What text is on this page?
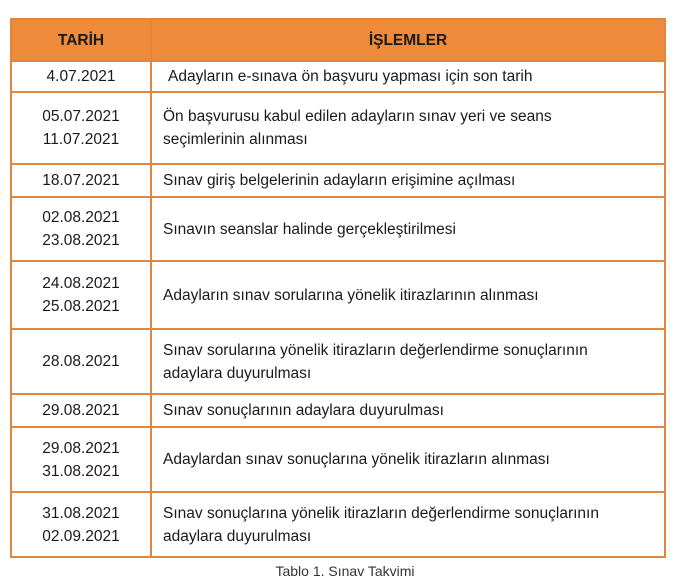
TARİH	İŞLEMLER

4.07.2021	Adayların e-sınava ön başvuru yapması için son tarih

05.07.2021
11.07.2021	Ön başvurusu kabul edilen adayların sınav yeri ve seans
seçimlerinin alınması

18.07.2021	Sınav giriş belgelerinin adayların erişimine açılması

02.08.2021
23.08.2021	Sınavın seanslar halinde gerçekleştirilmesi

24.08.2021
25.08.2021	Adayların sınav sorularına yönelik itirazlarının alınması

28.08.2021	Sınav sorularına yönelik itirazların değerlendirme sonuçlarının
adaylara duyurulması

29.08.2021	Sınav sonuçlarının adaylara duyurulması

29.08.2021
31.08.2021	Adaylardan sınav sonuçlarına yönelik itirazların alınması

31.08.2021
02.09.2021	Sınav sonuçlarına yönelik itirazların değerlendirme sonuçlarının
adaylara duyurulması
Tablo 1. Sınav Takvimi
